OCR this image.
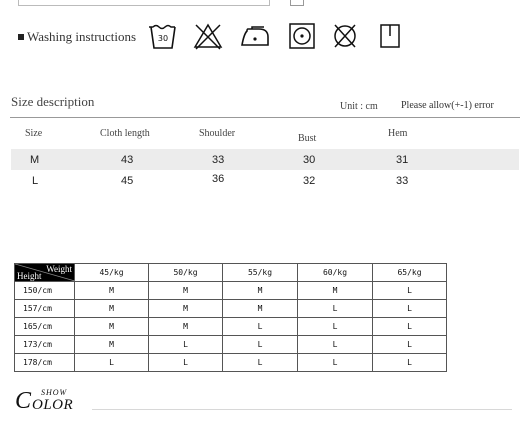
Washing instructions	30
Size description	Unit : cm Please allow(+-1) error
Size	Cloth length	Shoulder	Bust	Hem
M	43	33	30	31
L	45	36	32	33
Weight
Height	45/kg	50/kg	55/kg	60/kg	65/kg
150/cm	M	M	M	M	L
157/cm	M	M	M	L	L
165/cm	M	M	L	L	L
173/cm	M	L	L	L	L
178/cm	L	L	L	L	L
SHOW
C OLOR
